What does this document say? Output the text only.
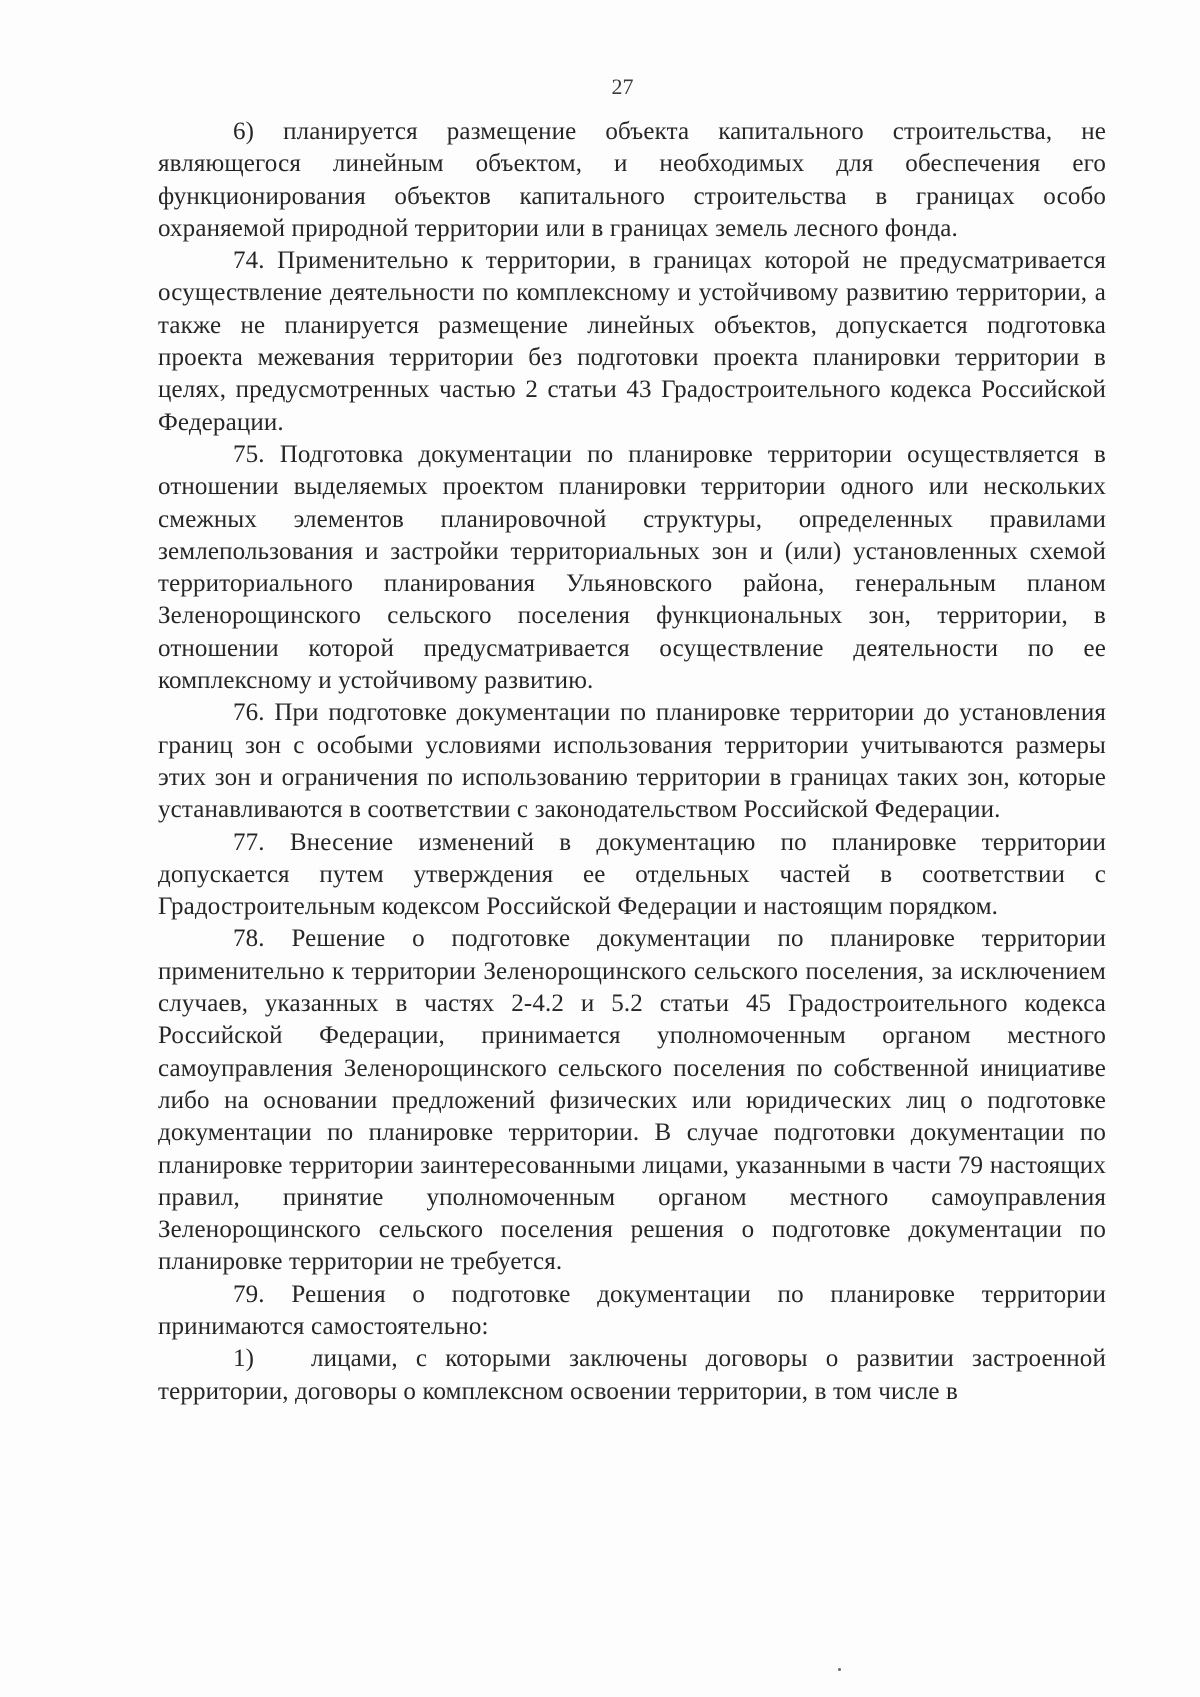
27

6) планируется размещение объекта капитального строительства, не являющегося линейным объектом, и необходимых для обеспечения его функционирования объектов капитального строительства в границах особо охраняемой природной территории или в границах земель лесного фонда.

74. Применительно к территории, в границах которой не предусматривается осуществление деятельности по комплексному и устойчивому развитию территории, а также не планируется размещение линейных объектов, допускается подготовка проекта межевания территории без подготовки проекта планировки территории в целях, предусмотренных частью 2 статьи 43 Градостроительного кодекса Российской Федерации.

75. Подготовка документации по планировке территории осуществляется в отношении выделяемых проектом планировки территории одного или нескольких смежных элементов планировочной структуры, определенных правилами землепользования и застройки территориальных зон и (или) установленных схемой территориального планирования Ульяновского района, генеральным планом Зеленорощинского сельского поселения функциональных зон, территории, в отношении которой предусматривается осуществление деятельности по ее комплексному и устойчивому развитию.

76. При подготовке документации по планировке территории до установления границ зон с особыми условиями использования территории учитываются размеры этих зон и ограничения по использованию территории в границах таких зон, которые устанавливаются в соответствии с законодательством Российской Федерации.

77. Внесение изменений в документацию по планировке территории допускается путем утверждения ее отдельных частей в соответствии с Градостроительным кодексом Российской Федерации и настоящим порядком.

78. Решение о подготовке документации по планировке территории применительно к территории Зеленорощинского сельского поселения, за исключением случаев, указанных в частях 2-4.2 и 5.2 статьи 45 Градостроительного кодекса Российской Федерации, принимается уполномоченным органом местного самоуправления Зеленорощинского сельского поселения по собственной инициативе либо на основании предложений физических или юридических лиц о подготовке документации по планировке территории. В случае подготовки документации по планировке территории заинтересованными лицами, указанными в части 79 настоящих правил, принятие уполномоченным органом местного самоуправления Зеленорощинского сельского поселения решения о подготовке документации по планировке территории не требуется.

79. Решения о подготовке документации по планировке территории принимаются самостоятельно:

1) лицами, с которыми заключены договоры о развитии застроенной территории, договоры о комплексном освоении территории, в том числе в
